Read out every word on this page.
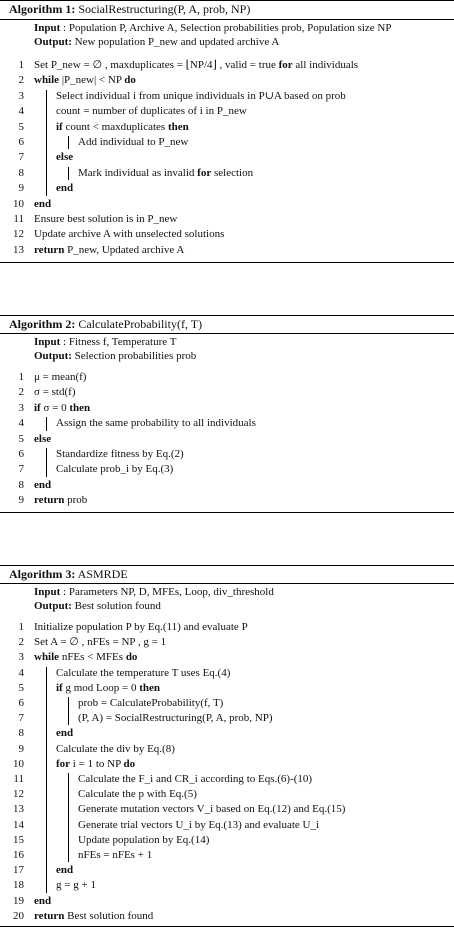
Algorithm 1: SocialRestructuring(P, A, prob, NP)
Input : Population P, Archive A, Selection probabilities prob, Population size NP
Output: New population P_new and updated archive A
1 Set P_new = ∅ , maxduplicates = ⌊NP/4⌋ , valid = true for all individuals
2 while |P_new| < NP do
3	Select individual i from unique individuals in P∪A based on prob
4	count = number of duplicates of i in P_new
5	if count < maxduplicates then
6	Add individual to P_new
7	else
8	Mark individual as invalid for selection
9	end
10 end
11 Ensure best solution is in P_new
12 Update archive A with unselected solutions
13 return P_new, Updated archive A
Algorithm 2: CalculateProbability(f, T)
Input : Fitness f, Temperature T
Output: Selection probabilities prob
1 μ = mean(f)
2 σ = std(f)
3 if σ = 0 then
4	Assign the same probability to all individuals
5 else
6	Standardize fitness by Eq.(2)
7	Calculate prob_i by Eq.(3)
8 end
9 return prob
Algorithm 3: ASMRDE
Input : Parameters NP, D, MFEs, Loop, div_threshold
Output: Best solution found
1 Initialize population P by Eq.(11) and evaluate P
2 Set A = ∅ , nFEs = NP , g = 1
3 while nFEs < MFEs do
4	Calculate the temperature T uses Eq.(4)
5	if g mod Loop = 0 then
6	prob = CalculateProbability(f, T)
7	(P, A) = SocialRestructuring(P, A, prob, NP)
8	end
9	Calculate the div by Eq.(8)
10	for i = 1 to NP do
11	Calculate the F_i and CR_i according to Eqs.(6)-(10)
12	Calculate the p with Eq.(5)
13	Generate mutation vectors V_i based on Eq.(12) and Eq.(15)
14	Generate trial vectors U_i by Eq.(13) and evaluate U_i
15	Update population by Eq.(14)
16	nFEs = nFEs + 1
17	end
18	g = g + 1
19 end
20 return Best solution found
